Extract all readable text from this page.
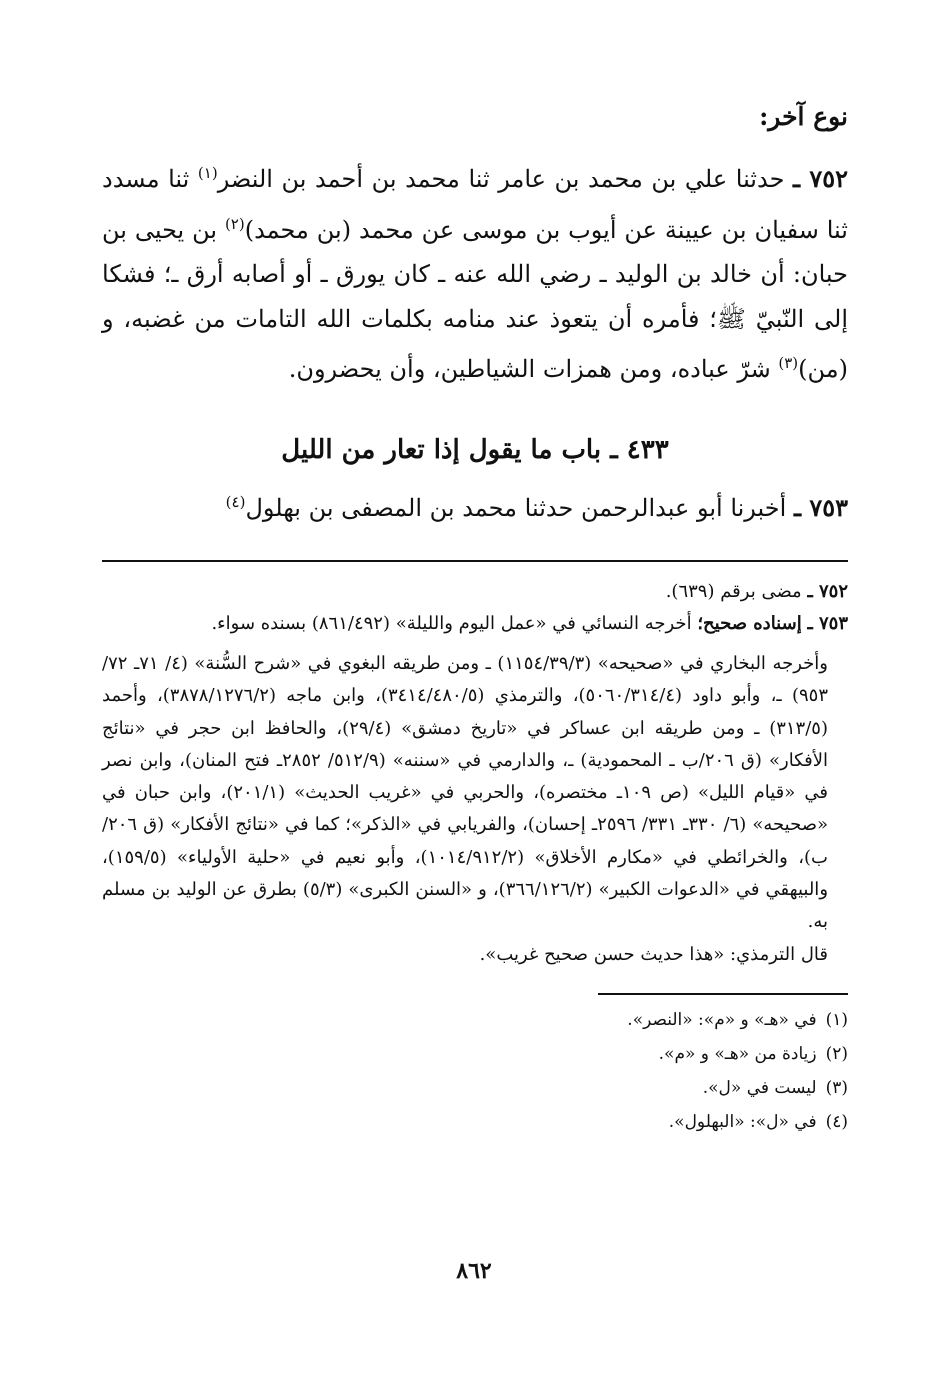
نوع آخر:

٧٥٢ ـ حدثنا علي بن محمد بن عامر ثنا محمد بن أحمد بن النضر$^{(١)}$ ثنا مسدد ثنا سفيان بن عيينة عن أيوب بن موسى عن محمد (بن محمد)$^{(٢)}$ بن يحيى بن حبان: أن خالد بن الوليد ـ رضي الله عنه ـ كان يورق ـ أو أصابه أرق ـ؛ فشكا إلى النّبيّ ﷺ؛ فأمره أن يتعوذ عند منامه بكلمات الله التامات من غضبه، و (من)$^{(٣)}$ شرّ عباده، ومن همزات الشياطين، وأن يحضرون.

٤٣٣ ـ باب ما يقول إذا تعار من الليل

٧٥٣ ـ أخبرنا أبو عبدالرحمن حدثنا محمد بن المصفى بن بهلول$^{(٤)}$

٧٥٢ ـ مضى برقم (٦٣٩).

٧٥٣ ـ إسناده صحيح؛ أخرجه النسائي في «عمل اليوم والليلة» (٨٦١/٤٩٢) بسنده سواء.

وأخرجه البخاري في «صحيحه» (١١٥٤/٣٩/٣) ـ ومن طريقه البغوي في «شرح السُّنة» (٤/ ٧١ـ ٧٢/ ٩٥٣) ـ، وأبو داود (٥٠٦٠/٣١٤/٤)، والترمذي (٣٤١٤/٤٨٠/٥)، وابن ماجه (٣٨٧٨/١٢٧٦/٢)، وأحمد (٣١٣/٥) ـ ومن طريقه ابن عساكر في «تاريخ دمشق» (٢٩/٤)، والحافظ ابن حجر في «نتائج الأفكار» (ق ٢٠٦/ب ـ المحمودية) ـ، والدارمي في «سننه» (٥١٢/٩/ ٢٨٥٢ـ فتح المنان)، وابن نصر في «قيام الليل» (ص ١٠٩ـ مختصره)، والحربي في «غريب الحديث» (٢٠١/١)، وابن حبان في «صحيحه» (٦/ ٣٣٠ـ ٣٣١/ ٢٥٩٦ـ إحسان)، والفريابي في «الذكر»؛ كما في «نتائج الأفكار» (ق ٢٠٦/ب)، والخرائطي في «مكارم الأخلاق» (١٠١٤/٩١٢/٢)، وأبو نعيم في «حلية الأولياء» (١٥٩/٥)، والبيهقي في «الدعوات الكبير» (٣٦٦/١٢٦/٢)، و «السنن الكبرى» (٥/٣) بطرق عن الوليد بن مسلم به.

قال الترمذي: «هذا حديث حسن صحيح غريب».

(١) في «هـ» و «م»: «النصر».

(٢) زيادة من «هـ» و «م».

(٣) ليست في «ل».

(٤) في «ل»: «البهلول».

٨٦٢
